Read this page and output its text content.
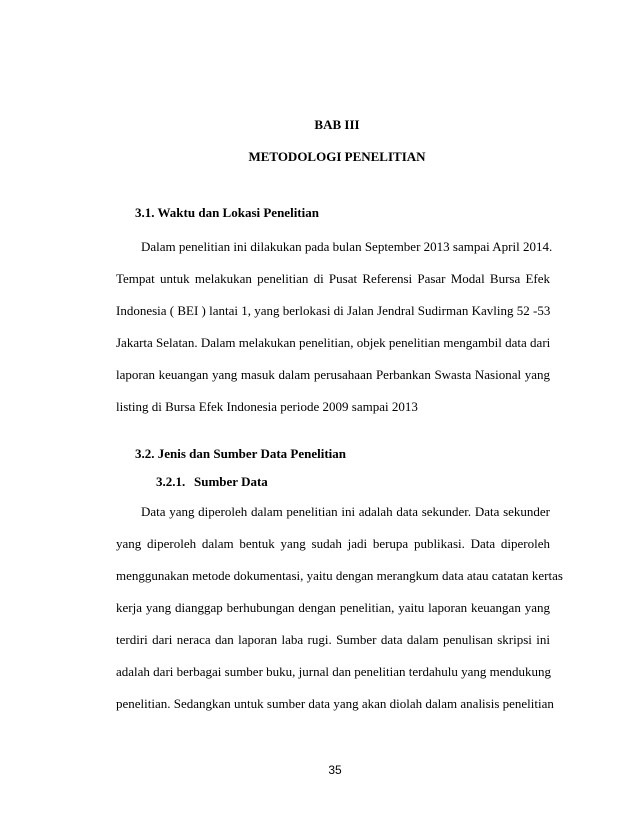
BAB III
METODOLOGI PENELITIAN
3.1. Waktu dan Lokasi Penelitian
Dalam penelitian ini dilakukan pada bulan September 2013 sampai April 2014.
Tempat untuk melakukan penelitian di Pusat Referensi Pasar Modal Bursa Efek
Indonesia ( BEI ) lantai 1, yang berlokasi di Jalan Jendral Sudirman Kavling 52 -53
Jakarta Selatan. Dalam melakukan penelitian, objek penelitian mengambil data dari
laporan keuangan yang masuk dalam perusahaan Perbankan Swasta Nasional yang
listing di Bursa Efek Indonesia periode 2009 sampai 2013
3.2. Jenis dan Sumber Data Penelitian
3.2.1. Sumber Data
Data yang diperoleh dalam penelitian ini adalah data sekunder. Data sekunder
yang diperoleh dalam bentuk yang sudah jadi berupa publikasi. Data diperoleh
menggunakan metode dokumentasi, yaitu dengan merangkum data atau catatan kertas
kerja yang dianggap berhubungan dengan penelitian, yaitu laporan keuangan yang
terdiri dari neraca dan laporan laba rugi. Sumber data dalam penulisan skripsi ini
adalah dari berbagai sumber buku, jurnal dan penelitian terdahulu yang mendukung
penelitian. Sedangkan untuk sumber data yang akan diolah dalam analisis penelitian
35
